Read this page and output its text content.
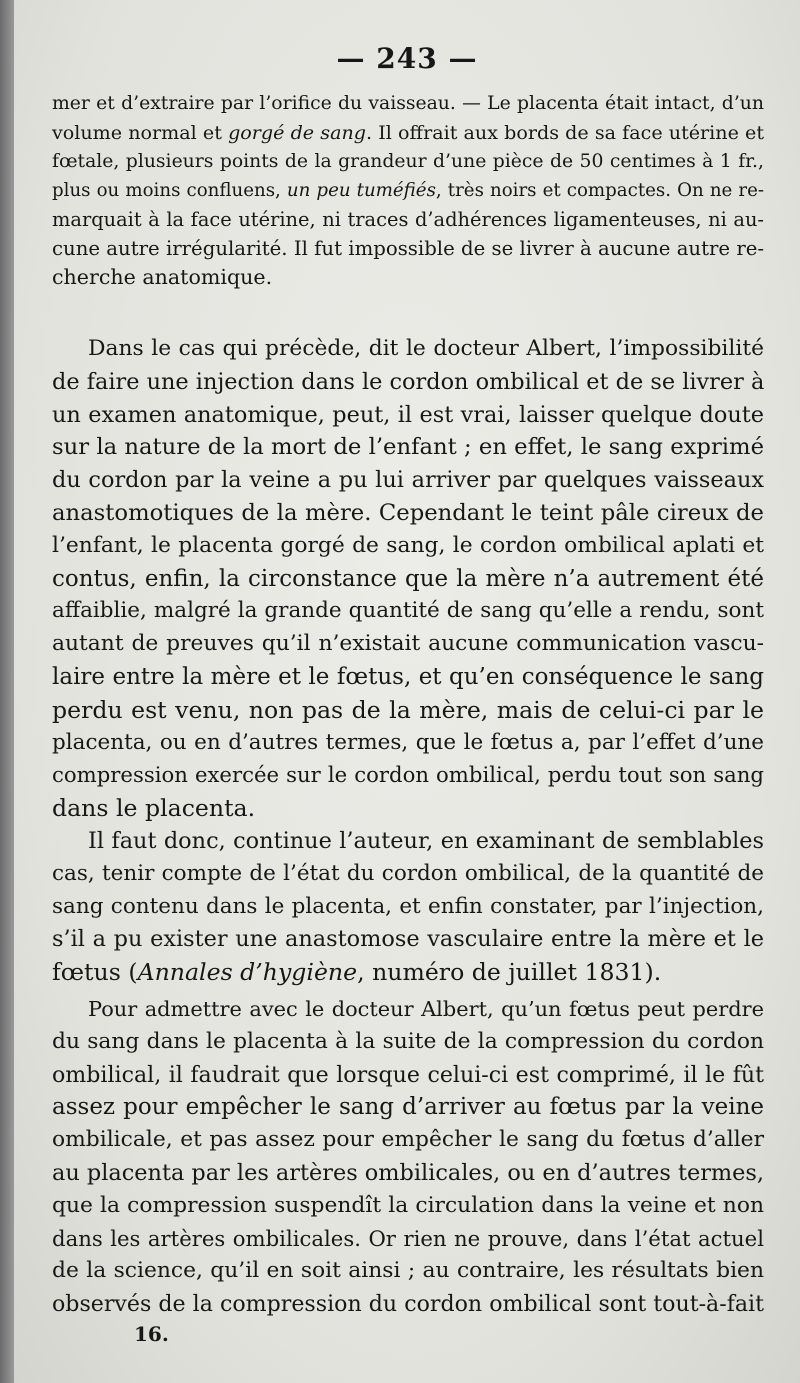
— 243 —
mer et d’extraire par l’orifice du vaisseau. — Le placenta était intact, d’un
volume normal et gorgé de sang. Il offrait aux bords de sa face utérine et
fœtale, plusieurs points de la grandeur d’une pièce de 50 centimes à 1 fr.,
plus ou moins confluens, un peu tuméfiés, très noirs et compactes. On ne re-
marquait à la face utérine, ni traces d’adhérences ligamenteuses, ni au-
cune autre irrégularité. Il fut impossible de se livrer à aucune autre re-
cherche anatomique.
Dans le cas qui précède, dit le docteur Albert, l’impossibilité
de faire une injection dans le cordon ombilical et de se livrer à
un examen anatomique, peut, il est vrai, laisser quelque doute
sur la nature de la mort de l’enfant ; en effet, le sang exprimé
du cordon par la veine a pu lui arriver par quelques vaisseaux
anastomotiques de la mère. Cependant le teint pâle cireux de
l’enfant, le placenta gorgé de sang, le cordon ombilical aplati et
contus, enfin, la circonstance que la mère n’a autrement été
affaiblie, malgré la grande quantité de sang qu’elle a rendu, sont
autant de preuves qu’il n’existait aucune communication vascu-
laire entre la mère et le fœtus, et qu’en conséquence le sang
perdu est venu, non pas de la mère, mais de celui-ci par le
placenta, ou en d’autres termes, que le fœtus a, par l’effet d’une
compression exercée sur le cordon ombilical, perdu tout son sang
dans le placenta.
Il faut donc, continue l’auteur, en examinant de semblables
cas, tenir compte de l’état du cordon ombilical, de la quantité de
sang contenu dans le placenta, et enfin constater, par l’injection,
s’il a pu exister une anastomose vasculaire entre la mère et le
fœtus (Annales d’hygiène, numéro de juillet 1831).
Pour admettre avec le docteur Albert, qu’un fœtus peut perdre
du sang dans le placenta à la suite de la compression du cordon
ombilical, il faudrait que lorsque celui-ci est comprimé, il le fût
assez pour empêcher le sang d’arriver au fœtus par la veine
ombilicale, et pas assez pour empêcher le sang du fœtus d’aller
au placenta par les artères ombilicales, ou en d’autres termes,
que la compression suspendît la circulation dans la veine et non
dans les artères ombilicales. Or rien ne prouve, dans l’état actuel
de la science, qu’il en soit ainsi ; au contraire, les résultats bien
observés de la compression du cordon ombilical sont tout-à-fait
16.
